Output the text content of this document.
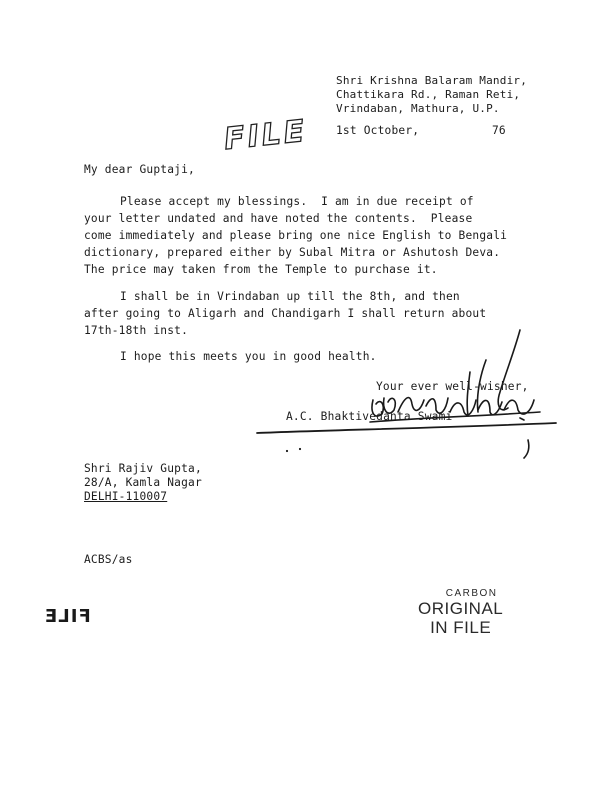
Shri Krishna Balaram Mandir,
Chattikara Rd., Raman Reti,
Vrindaban, Mathura, U.P.
1st October,	76
FILE
My dear Guptaji,
Please accept my blessings.  I am in due receipt of
your letter undated and have noted the contents.  Please
come immediately and please bring one nice English to Bengali
dictionary, prepared either by Subal Mitra or Ashutosh Deva.
The price may taken from the Temple to purchase it.
I shall be in Vrindaban up till the 8th, and then
after going to Aligarh and Chandigarh I shall return about
17th-18th inst.
I hope this meets you in good health.
Your ever well-wisher,
A.C. Bhaktivedanta Swami
Shri Rajiv Gupta,
28/A, Kamla Nagar
DELHI-110007
ACBS/as
FILE
CARBON
ORIGINAL
IN FILE
